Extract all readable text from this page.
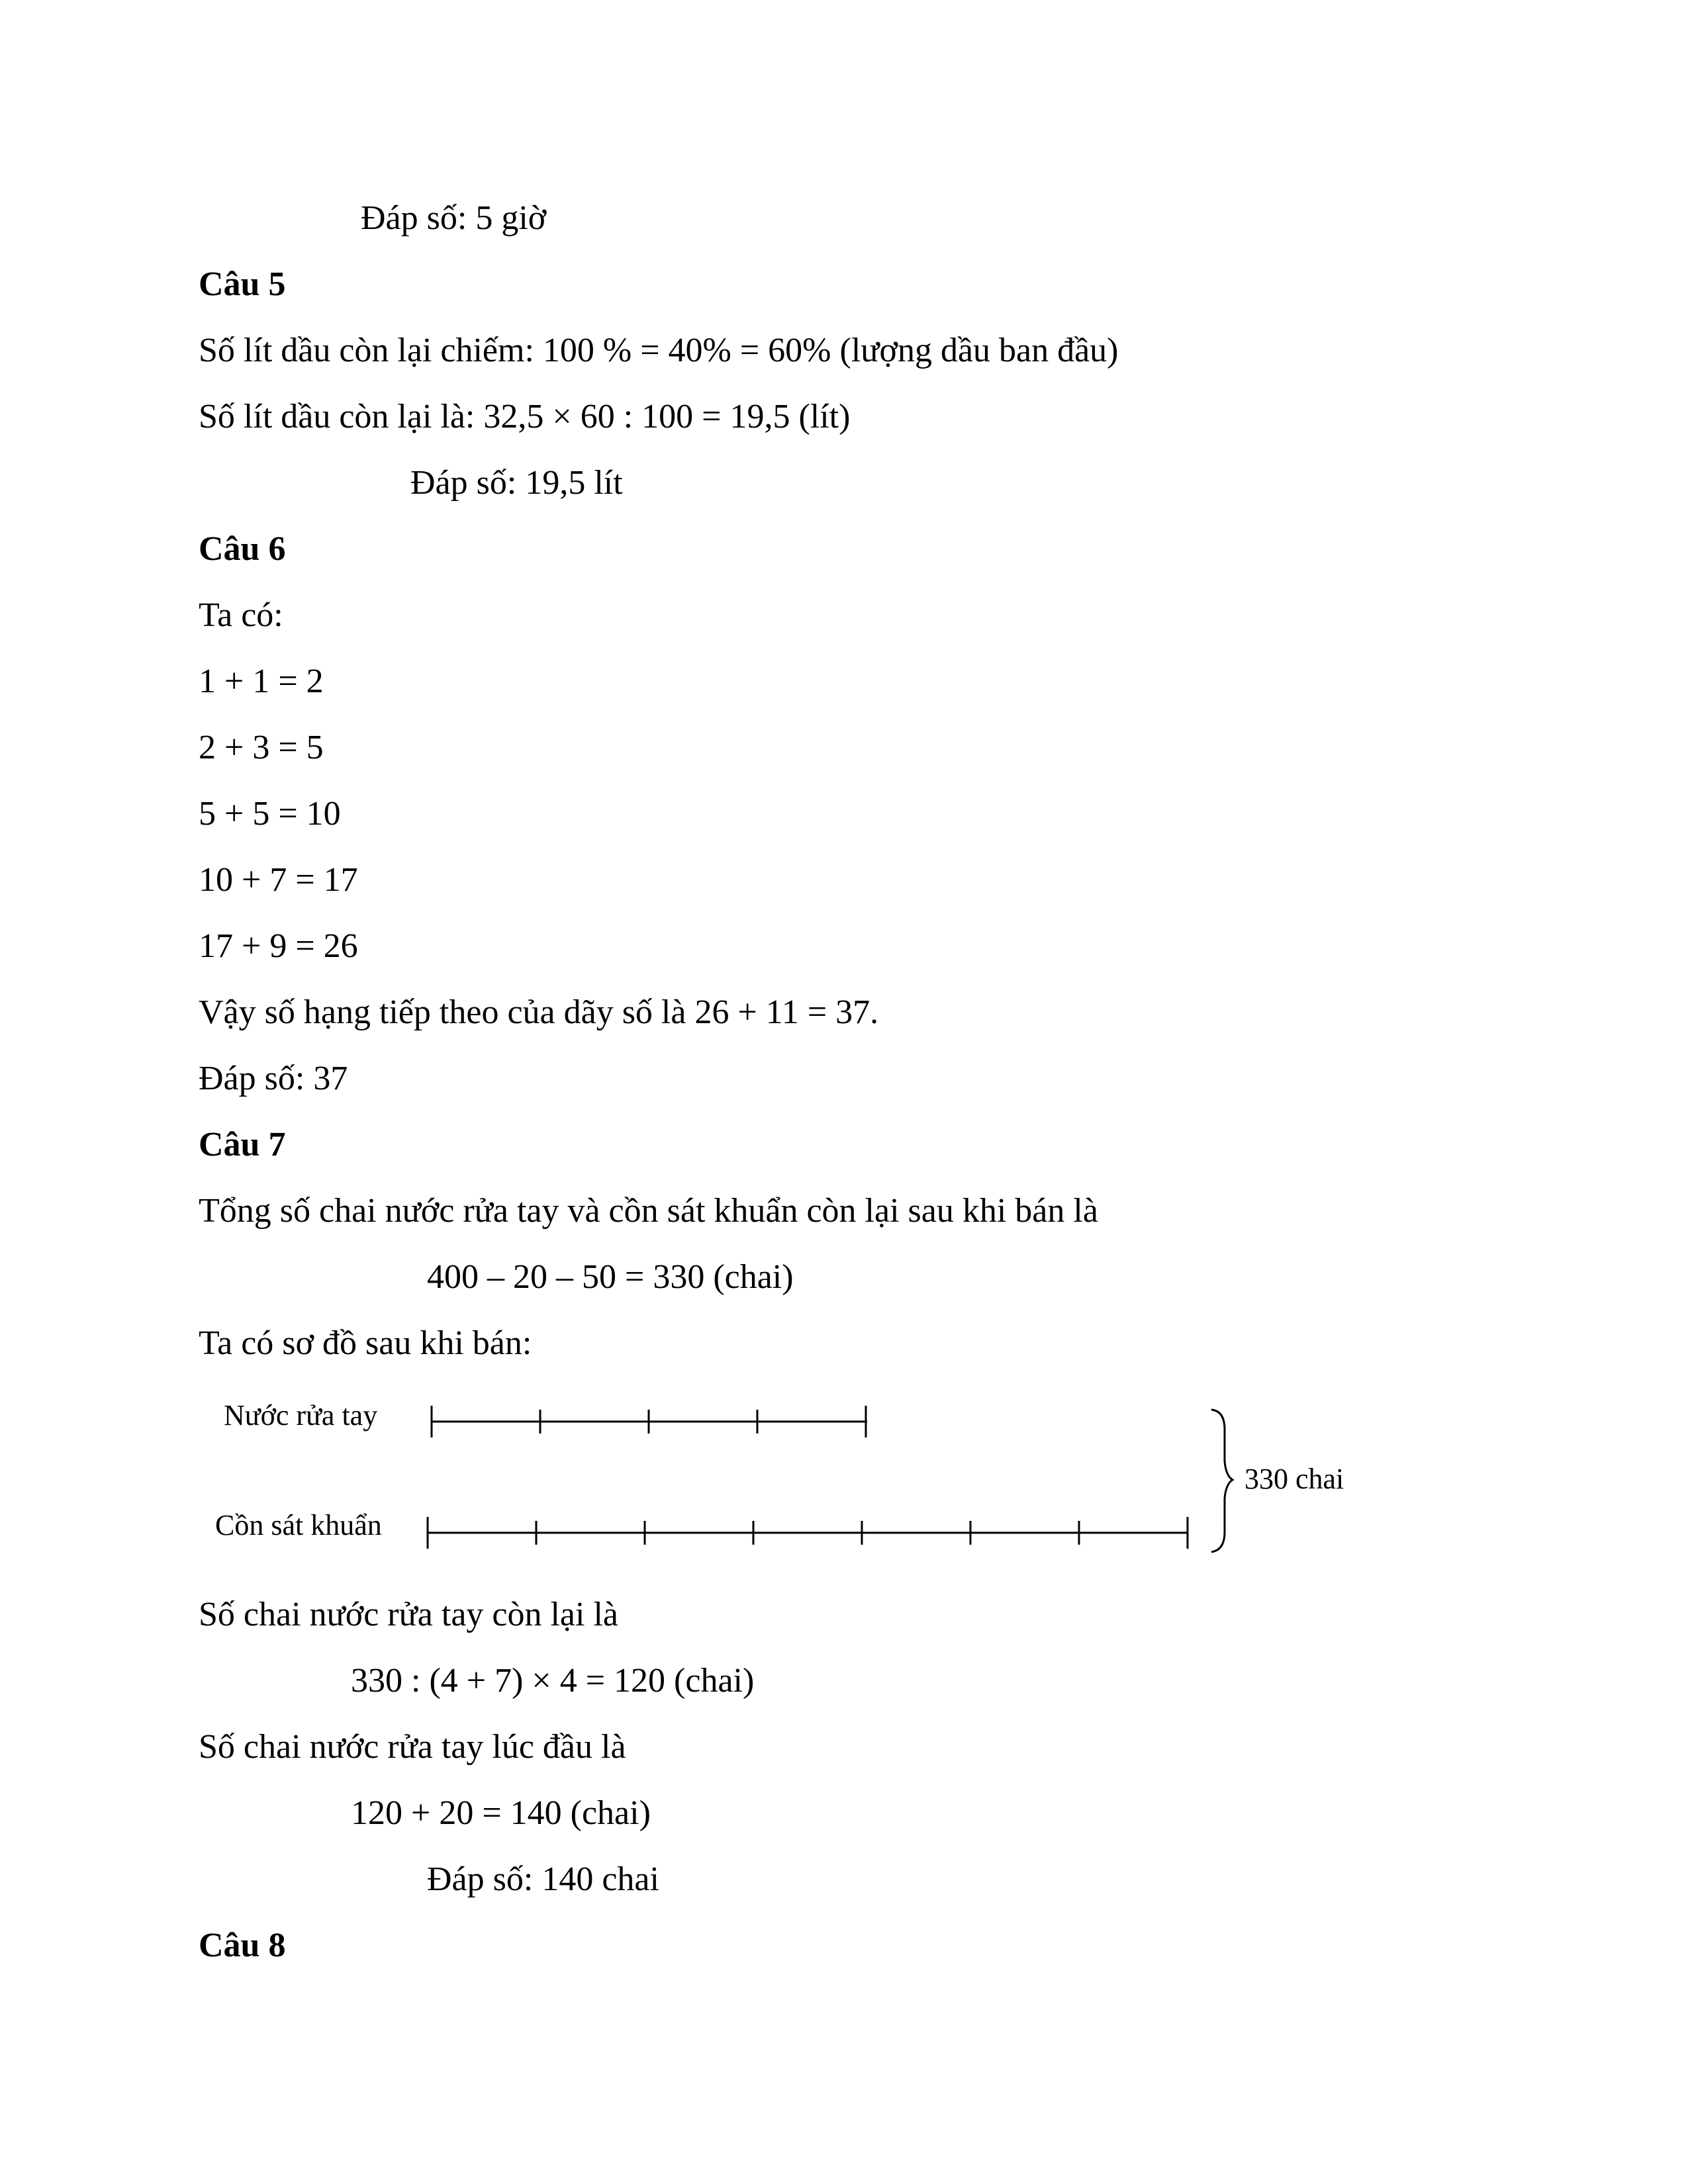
Đáp số: 5 giờ
Câu 5
Số lít dầu còn lại chiếm: 100 % = 40% = 60% (lượng dầu ban đầu)
Số lít dầu còn lại là: 32,5 × 60 : 100 = 19,5 (lít)
Đáp số: 19,5 lít
Câu 6
Ta có:
1 + 1 = 2
2 + 3 = 5
5 + 5 = 10
10 + 7 = 17
17 + 9 = 26
Vậy số hạng tiếp theo của dãy số là 26 + 11 = 37.
Đáp số: 37
Câu 7
Tổng số chai nước rửa tay và cồn sát khuẩn còn lại sau khi bán là
400 – 20 – 50 = 330 (chai)
Ta có sơ đồ sau khi bán:
Nước rửa tay
Cồn sát khuẩn
330 chai
Số chai nước rửa tay còn lại là
330 : (4 + 7) × 4 = 120 (chai)
Số chai nước rửa tay lúc đầu là
120 + 20 = 140 (chai)
Đáp số: 140 chai
Câu 8
